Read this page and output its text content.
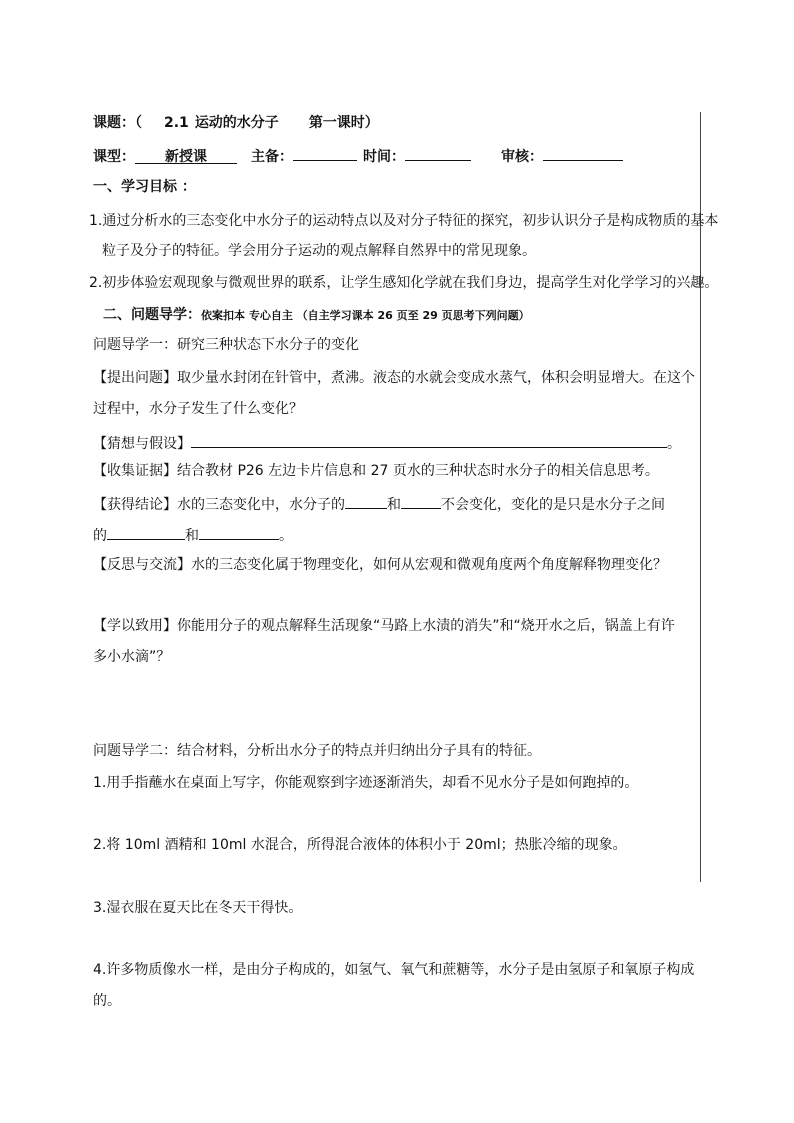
课题：（ 2.1 运动的水分子 第一课时）
课型： 新授课	主备：	时间：	审核：
一、学习目标 ：
1.通过分析水的三态变化中水分子的运动特点以及对分子特征的探究，初步认识分子是构成物质的基本
粒子及分子的特征。学会用分子运动的观点解释自然界中的常见现象。
2.初步体验宏观现象与微观世界的联系，让学生感知化学就在我们身边，提高学生对化学学习的兴趣。
二、问题导学：依案扣本 专心自主 （自主学习课本 26 页至 29 页思考下列问题）
问题导学一：研究三种状态下水分子的变化
【提出问题】取少量水封闭在针管中，煮沸。液态的水就会变成水蒸气，体积会明显增大。在这个
过程中，水分子发生了什么变化？
【猜想与假设】	。
【收集证据】结合教材 P26 左边卡片信息和 27 页水的三种状态时水分子的相关信息思考。
【获得结论】水的三态变化中，水分子的	和	不会变化，变化的是只是水分子之间
的	和	。
【反思与交流】水的三态变化属于物理变化，如何从宏观和微观角度两个角度解释物理变化？
【学以致用】你能用分子的观点解释生活现象“马路上水渍的消失”和“烧开水之后，锅盖上有许
多小水滴”？
问题导学二：结合材料，分析出水分子的特点并归纳出分子具有的特征。
1.用手指蘸水在桌面上写字，你能观察到字迹逐渐消失，却看不见水分子是如何跑掉的。
2.将 10ml 酒精和 10ml 水混合，所得混合液体的体积小于 20ml；热胀冷缩的现象。
3.湿衣服在夏天比在冬天干得快。
4.许多物质像水一样，是由分子构成的，如氢气、氧气和蔗糖等，水分子是由氢原子和氧原子构成
的。
